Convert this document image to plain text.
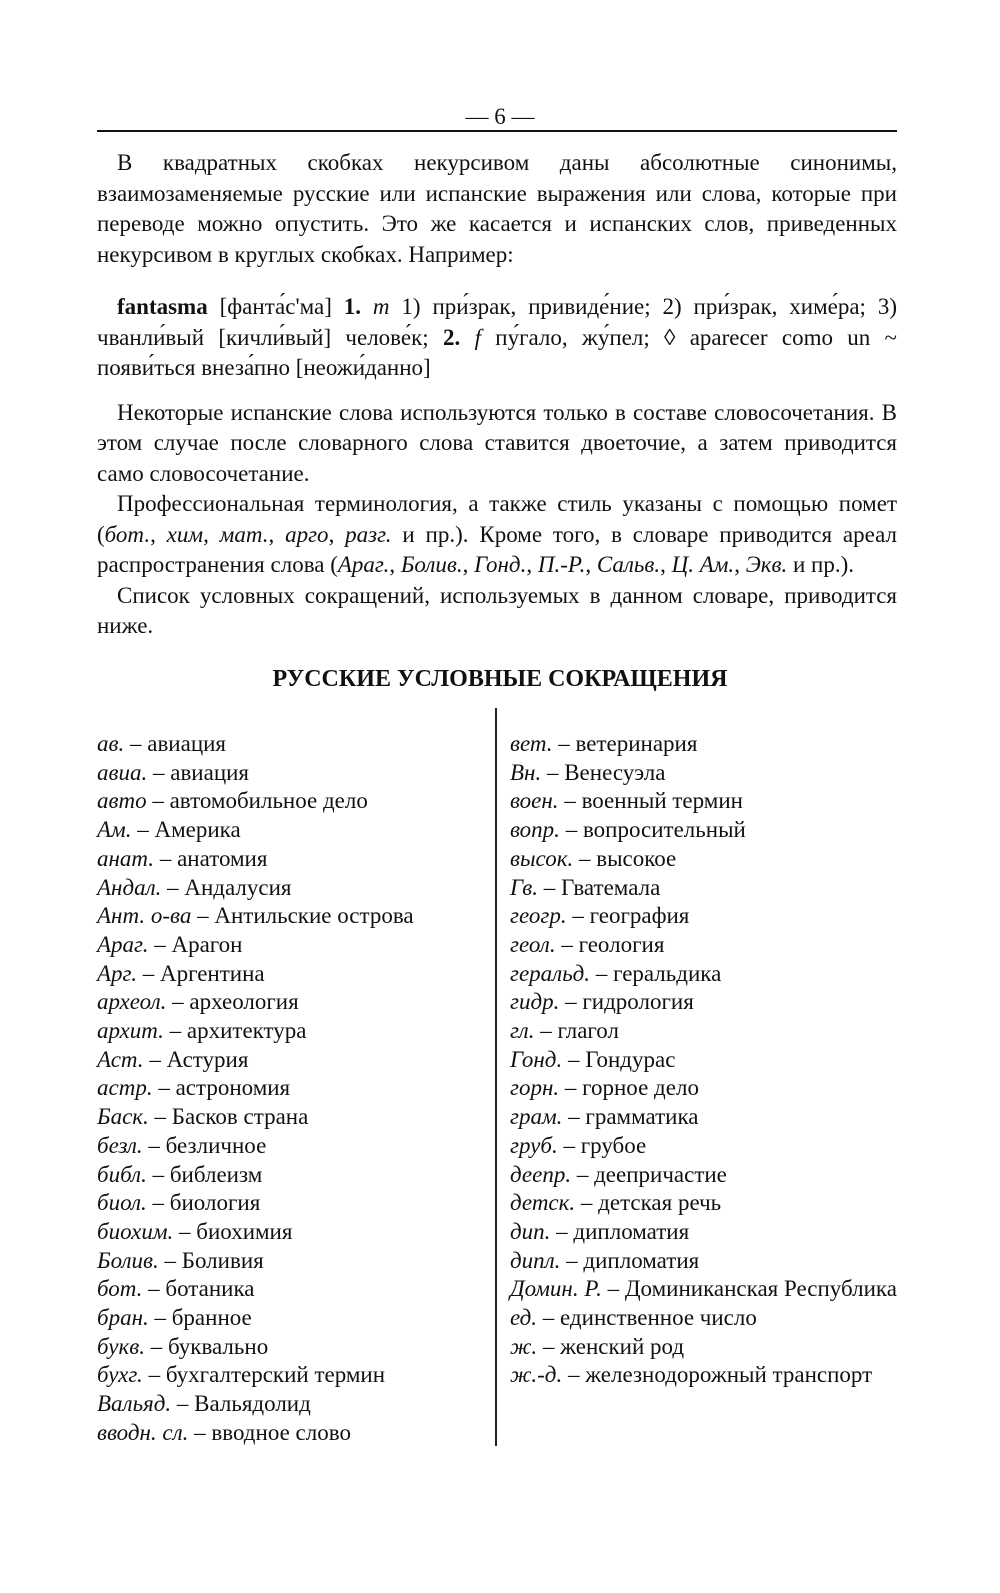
— 6 —

В квадратных скобках некурсивом даны абсолютные синонимы, взаимозаменяемые русские или испанские выражения или слова, которые при переводе можно опустить. Это же касается и испанских слов, приведенных некурсивом в круглых скобках. Например:

fantasma [фанта́с'ма] 1. m 1) при́зрак, привиде́ние; 2) при́зрак, химе́ра; 3) чванли́вый [кичли́вый] челове́к; 2. f пу́гало, жу́пел; ◊ aparecer como un ~ появи́ться внеза́пно [неожи́данно]

Некоторые испанские слова используются только в составе словосочетания. В этом случае после словарного слова ставится двоеточие, а затем приводится само словосочетание.

Профессиональная терминология, а также стиль указаны с помощью помет (бот., хим, мат., арго, разг. и пр.). Кроме того, в словаре приводится ареал распространения слова (Араг., Болив., Гонд., П.-Р., Сальв., Ц. Ам., Экв. и пр.).

Список условных сокращений, используемых в данном словаре, приводится ниже.

РУССКИЕ УСЛОВНЫЕ СОКРАЩЕНИЯ
ав. – авиация
авиа. – авиация
авто – автомобильное дело
Ам. – Америка
анат. – анатомия
Андал. – Андалусия
Ант. о-ва – Антильские острова
Араг. – Арагон
Арг. – Аргентина
археол. – археология
архит. – архитектура
Аст. – Астурия
астр. – астрономия
Баск. – Басков страна
безл. – безличное
библ. – библеизм
биол. – биология
биохим. – биохимия
Болив. – Боливия
бот. – ботаника
бран. – бранное
букв. – буквально
бухг. – бухгалтерский термин
Вальяд. – Вальядолид
вводн. сл. – вводное слово
вет. – ветеринария
Вн. – Венесуэла
воен. – военный термин
вопр. – вопросительный
высок. – высокое
Гв. – Гватемала
геогр. – география
геол. – геология
геральд. – геральдика
гидр. – гидрология
гл. – глагол
Гонд. – Гондурас
горн. – горное дело
грам. – грамматика
груб. – грубое
деепр. – деепричастие
детск. – детская речь
дип. – дипломатия
дипл. – дипломатия
Домин. Р. – Доминиканская Республика
ед. – единственное число
ж. – женский род
ж.-д. – железнодорожный транспорт
